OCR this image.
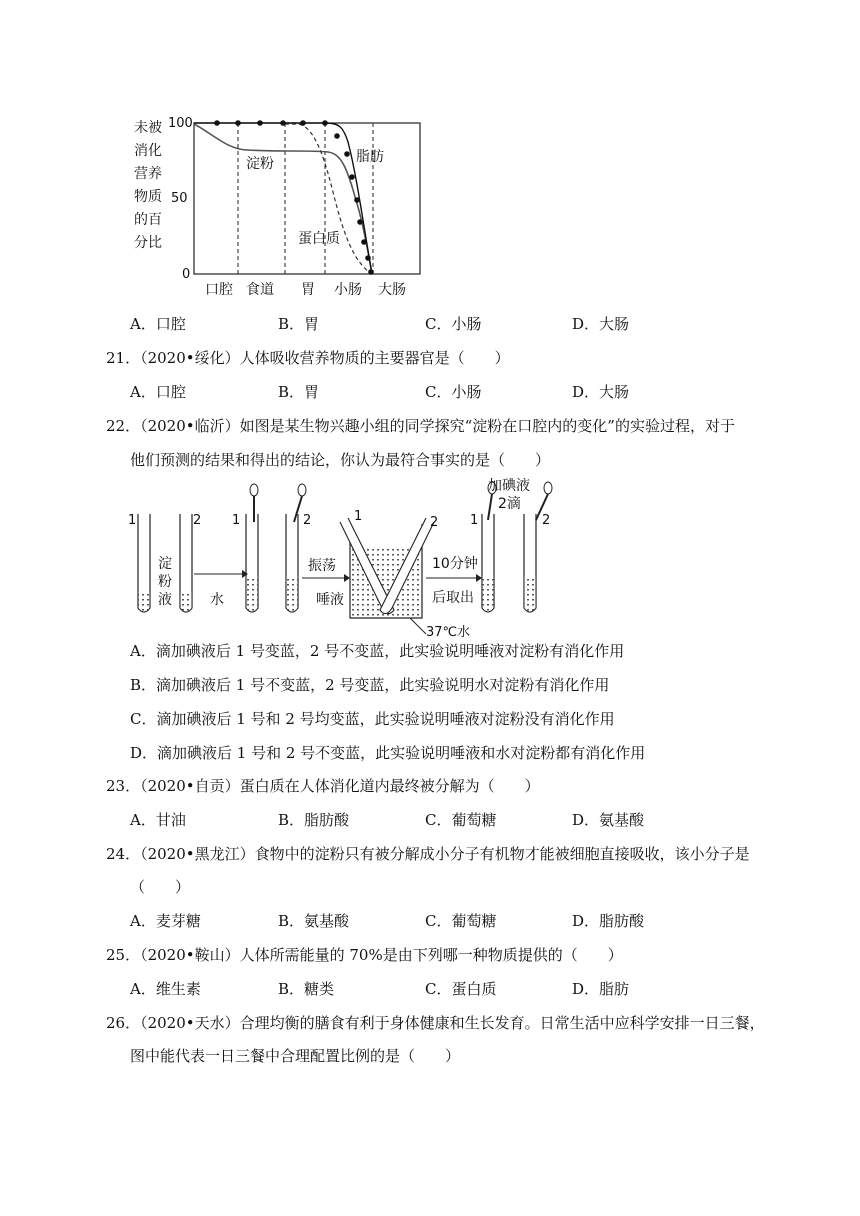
未被
消化
营养
物质
的百
分比
100
50
0
淀粉	脂肪
蛋白质
口腔 食道 胃 小肠 大肠
A．口腔	B．胃	C．小肠	D．大肠
21．（2020•绥化）人体吸收营养物质的主要器官是（　　）
A．口腔	B．胃	C．小肠	D．大肠
22．（2020•临沂）如图是某生物兴趣小组的同学探究“淀粉在口腔内的变化”的实验过程，对于
他们预测的结果和得出的结论，你认为最符合事实的是（　　）
1	2
淀
粉
液
1
水
2
唾液
振荡
1	2
37℃水
10分钟
后取出
1	2
加碘液
2滴
A．滴加碘液后 1 号变蓝，2 号不变蓝，此实验说明唾液对淀粉有消化作用
B．滴加碘液后 1 号不变蓝，2 号变蓝，此实验说明水对淀粉有消化作用
C．滴加碘液后 1 号和 2 号均变蓝，此实验说明唾液对淀粉没有消化作用
D．滴加碘液后 1 号和 2 号不变蓝，此实验说明唾液和水对淀粉都有消化作用
23．（2020•自贡）蛋白质在人体消化道内最终被分解为（　　）
A．甘油	B．脂肪酸	C．葡萄糖	D．氨基酸
24．（2020•黑龙江）食物中的淀粉只有被分解成小分子有机物才能被细胞直接吸收，该小分子是
（　　）
A．麦芽糖	B．氨基酸	C．葡萄糖	D．脂肪酸
25．（2020•鞍山）人体所需能量的 70%是由下列哪一种物质提供的（　　）
A．维生素	B．糖类	C．蛋白质	D．脂肪
26．（2020•天水）合理均衡的膳食有利于身体健康和生长发育。日常生活中应科学安排一日三餐，
图中能代表一日三餐中合理配置比例的是（　　）
